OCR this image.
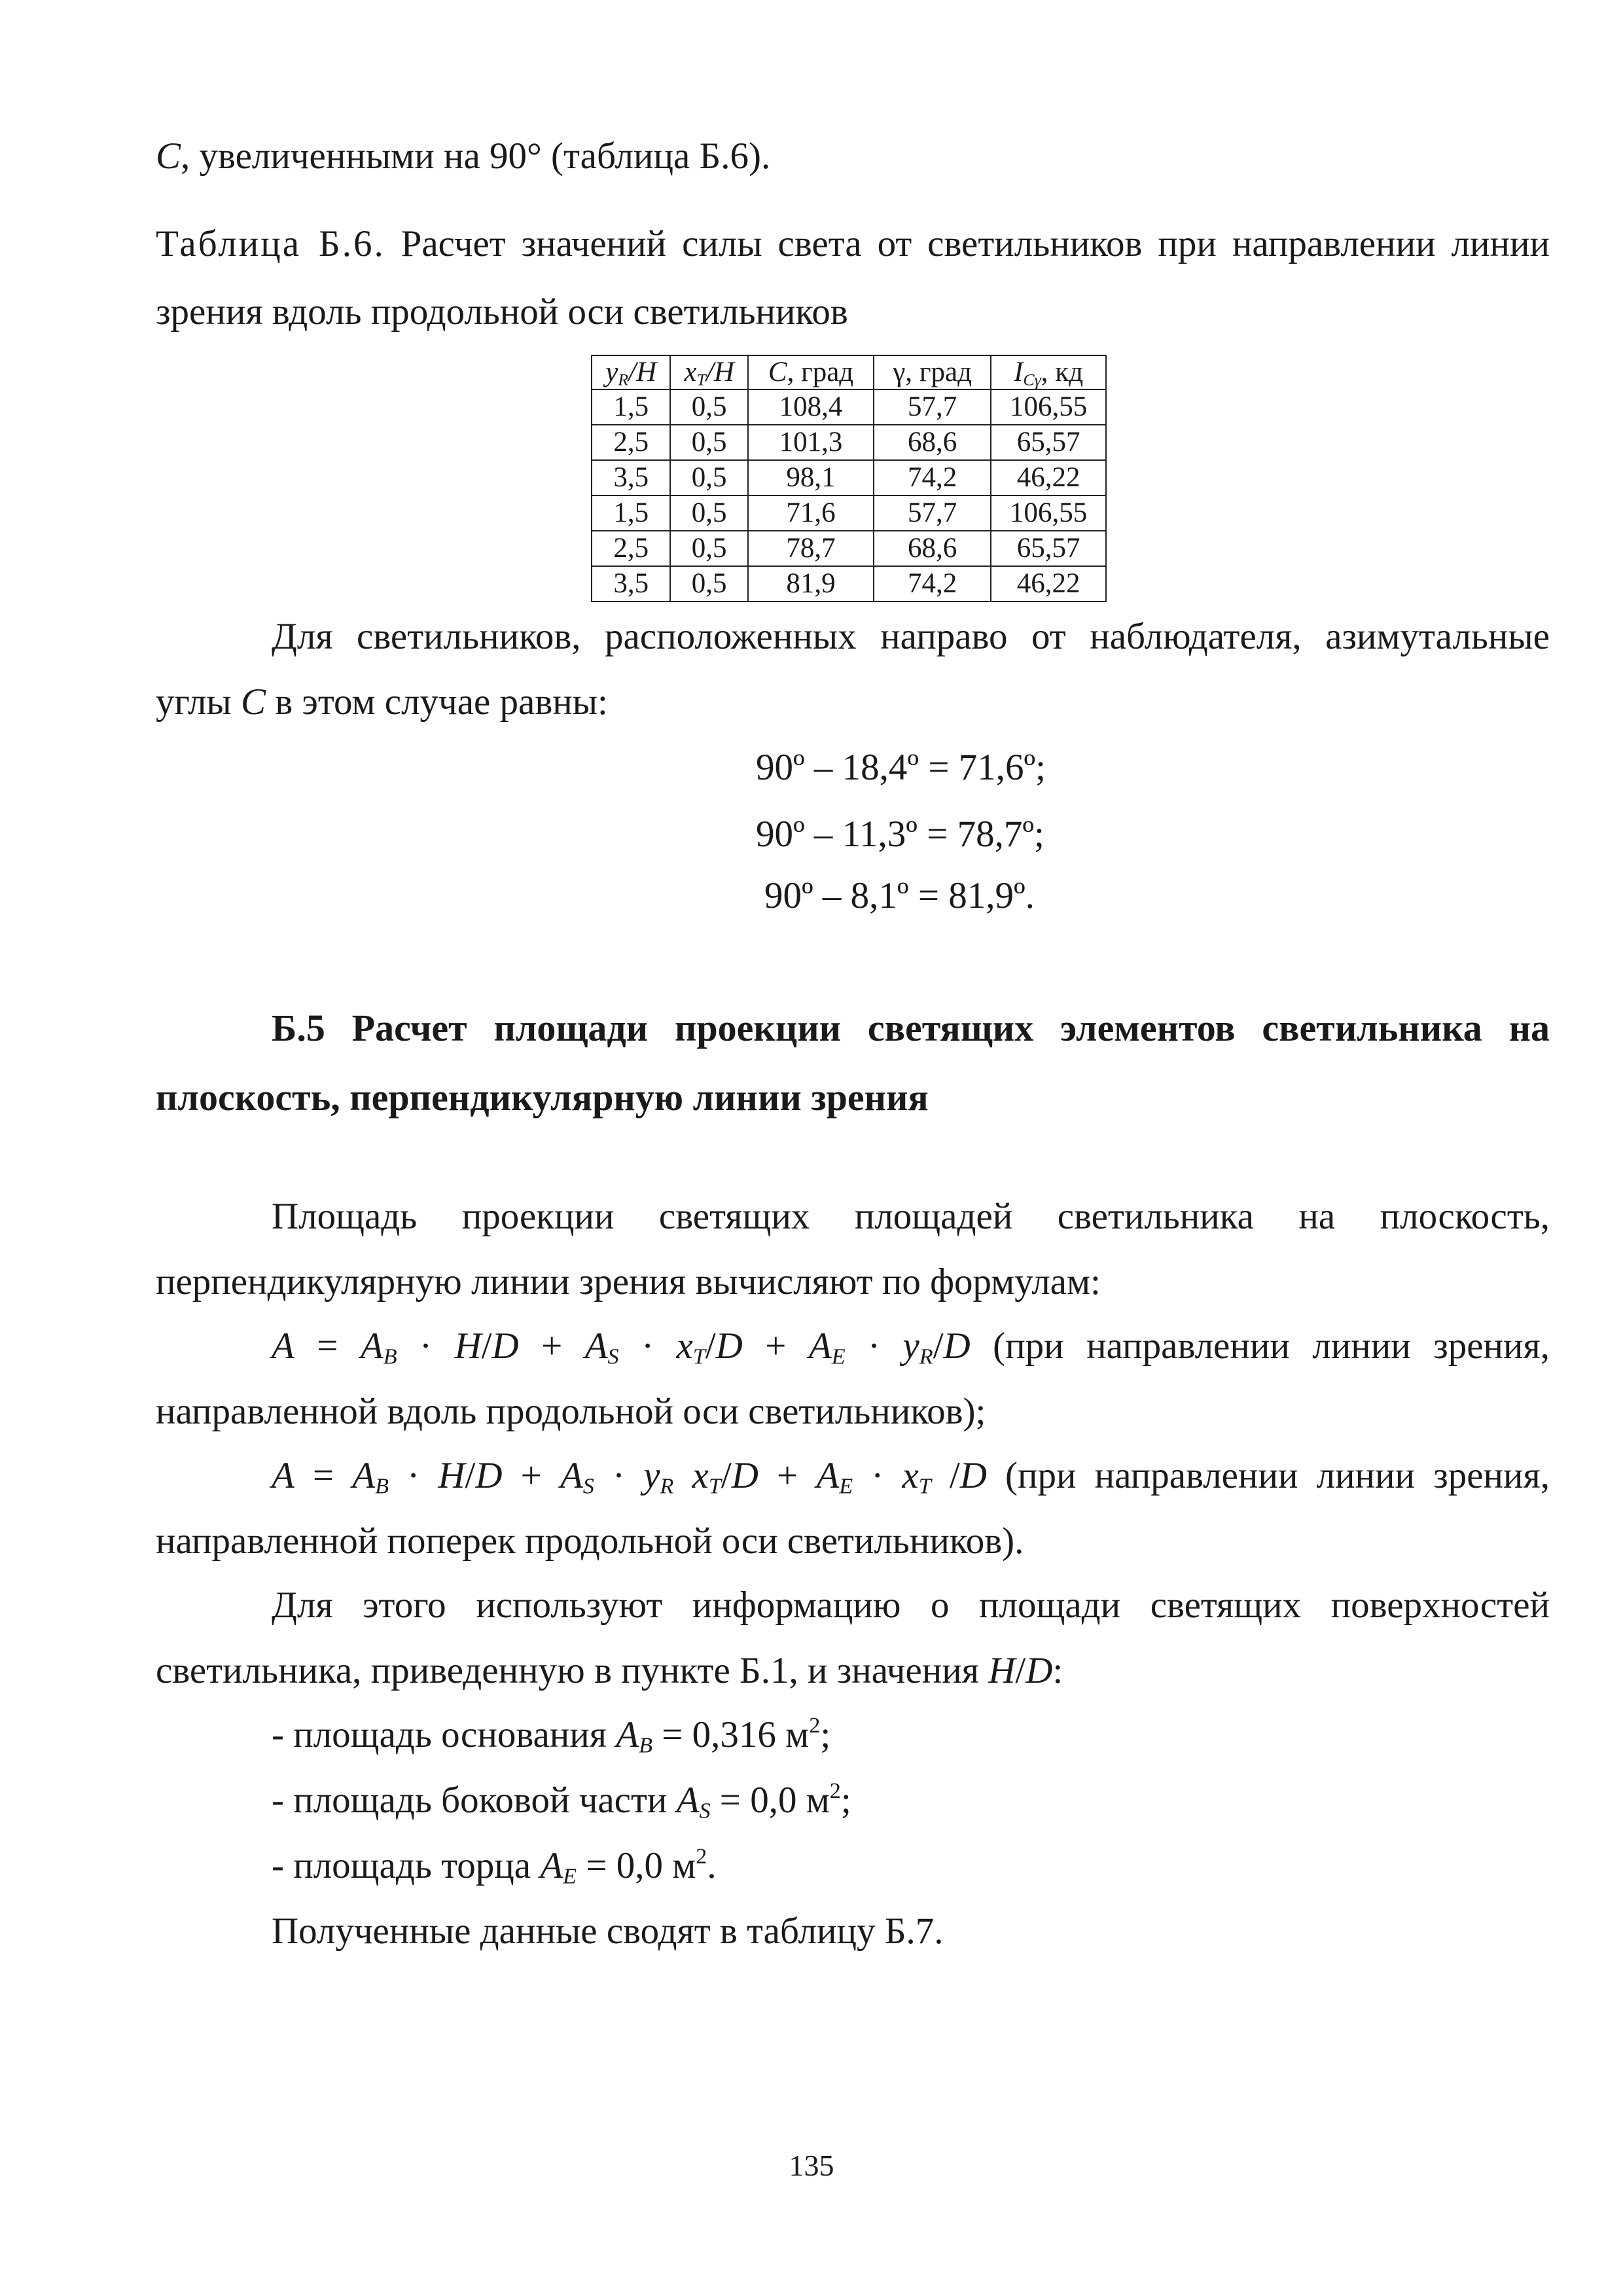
C, увеличенными на 90° (таблица Б.6).
Таблица Б.6. Расчет значений силы света от светильников при направлении линии
зрения вдоль продольной оси светильников
$y_R/H$	$x_T/H$	C, град	γ, град	$I_{C\gamma}$, кд
1,5	0,5	108,4	57,7	106,55
2,5	0,5	101,3	68,6	65,57
3,5	0,5	98,1	74,2	46,22
1,5	0,5	71,6	57,7	106,55
2,5	0,5	78,7	68,6	65,57
3,5	0,5	81,9	74,2	46,22
Для светильников, расположенных направо от наблюдателя, азимутальные
углы C в этом случае равны:
90º – 18,4º = 71,6º;
90º – 11,3º = 78,7º;
90º – 8,1º = 81,9º.
Б.5 Расчет площади проекции светящих элементов светильника на
плоскость, перпендикулярную линии зрения
Площадь проекции светящих площадей светильника на плоскость,
перпендикулярную линии зрения вычисляют по формулам:
$A = A_B \cdot H/D + A_S \cdot x_T/D + A_E \cdot y_R/D$ (при направлении линии зрения,
направленной вдоль продольной оси светильников);
$A = A_B \cdot H/D + A_S \cdot y_R$ $x_T/D + A_E \cdot x_T$ /D (при направлении линии зрения,
направленной поперек продольной оси светильников).
Для этого используют информацию о площади светящих поверхностей
светильника, приведенную в пункте Б.1, и значения H/D:
- площадь основания $A_B = 0,316$ $м^2$;
- площадь боковой части $A_S = 0,0$ $м^2$;
- площадь торца $A_E = 0,0$ $м^2$.
Полученные данные сводят в таблицу Б.7.
135
